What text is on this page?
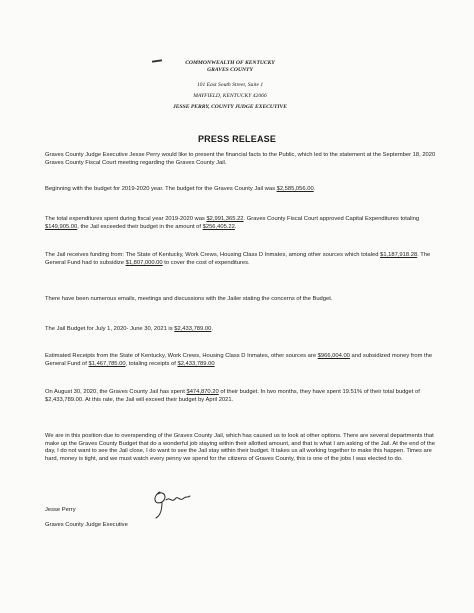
COMMONWEALTH OF KENTUCKY
GRAVES COUNTY
101 East South Street, Suite 1
MAYFIELD, KENTUCKY 42066
JESSE PERRY, COUNTY JUDGE EXECUTIVE
PRESS RELEASE
Graves County Judge Executive Jesse Perry would like to present the financial facts to the Public, which led to the statement at the September 18, 2020 Graves County Fiscal Court meeting regarding the Graves County Jail.
Beginning with the budget for 2019-2020 year. The budget for the Graves County Jail was $2,585,056.00.
The total expenditures spent during fiscal year 2019-2020 was $2,991,365.22. Graves County Fiscal Court approved Capital Expenditures totaling $149,905.00, the Jail exceeded their budget in the amount of $256,405.22.
The Jail receives funding from: The State of Kentucky, Work Crews, Housing Class D Inmates, among other sources which totaled $1,187,918.28. The General Fund had to subsidize $1,807,000.00 to cover the cost of expenditures.
There have been numerous emails, meetings and discussions with the Jailer stating the concerns of the Budget.
The Jail Budget for July 1, 2020- June 30, 2021 is $2,433,789.00.
Estimated Receipts from the State of Kentucky, Work Crews, Housing Class D Inmates, other sources are $966,004.00 and subsidized money from the General Fund of $1,467,785.00, totaling receipts of $2,433,789.00
On August 30, 2020, the Graves County Jail has spent $474,870.20 of their budget. In two months, they have spent 19.51% of their total budget of $2,433,789.00. At this rate, the Jail will exceed their budget by April 2021.
We are in this position due to overspending of the Graves County Jail, which has caused us to look at other options. There are several departments that make up the Graves County Budget that do a wonderful job staying within their allotted amount, and that is what I am asking of the Jail. At the end of the day, I do not want to see the Jail close, I do want to see the Jail stay within their budget. It takes us all working together to make this happen. Times are hard, money is tight, and we must watch every penny we spend for the citizens of Graves County, this is one of the jobs I was elected to do.
Jesse Perry
Graves County Judge Executive
